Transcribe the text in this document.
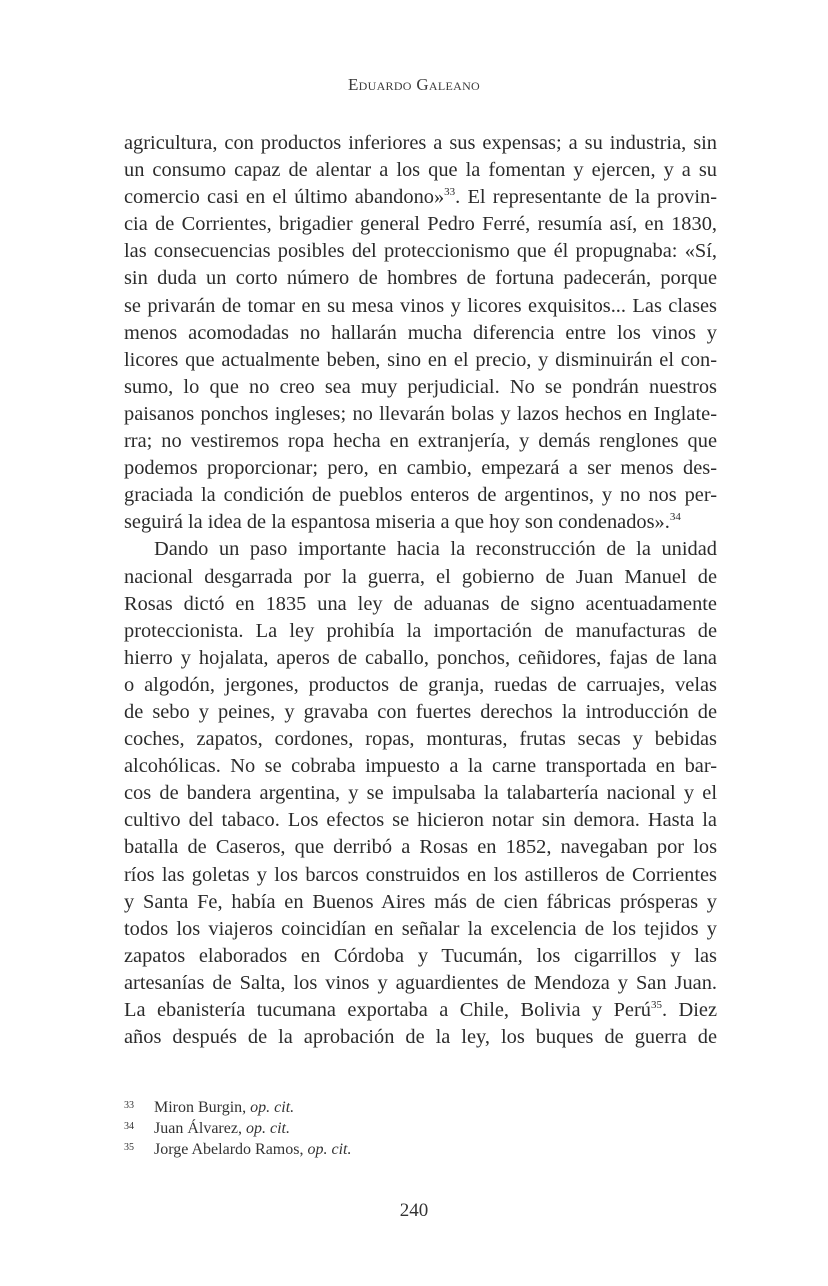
Eduardo Galeano
agricultura, con productos inferiores a sus expensas; a su industria, sin
un consumo capaz de alentar a los que la fomentan y ejercen, y a su
comercio casi en el último abandono»$^{33}$. El representante de la provin-
cia de Corrientes, brigadier general Pedro Ferré, resumía así, en 1830,
las consecuencias posibles del proteccionismo que él propugnaba: «Sí,
sin duda un corto número de hombres de fortuna padecerán, porque
se privarán de tomar en su mesa vinos y licores exquisitos... Las clases
menos acomodadas no hallarán mucha diferencia entre los vinos y
licores que actualmente beben, sino en el precio, y disminuirán el con-
sumo, lo que no creo sea muy perjudicial. No se pondrán nuestros
paisanos ponchos ingleses; no llevarán bolas y lazos hechos en Inglate-
rra; no vestiremos ropa hecha en extranjería, y demás renglones que
podemos proporcionar; pero, en cambio, empezará a ser menos des-
graciada la condición de pueblos enteros de argentinos, y no nos per-
seguirá la idea de la espantosa miseria a que hoy son condenados».$^{34}$
Dando un paso importante hacia la reconstrucción de la unidad
nacional desgarrada por la guerra, el gobierno de Juan Manuel de
Rosas dictó en 1835 una ley de aduanas de signo acentuadamente
proteccionista. La ley prohibía la importación de manufacturas de
hierro y hojalata, aperos de caballo, ponchos, ceñidores, fajas de lana
o algodón, jergones, productos de granja, ruedas de carruajes, velas
de sebo y peines, y gravaba con fuertes derechos la introducción de
coches, zapatos, cordones, ropas, monturas, frutas secas y bebidas
alcohólicas. No se cobraba impuesto a la carne transportada en bar-
cos de bandera argentina, y se impulsaba la talabartería nacional y el
cultivo del tabaco. Los efectos se hicieron notar sin demora. Hasta la
batalla de Caseros, que derribó a Rosas en 1852, navegaban por los
ríos las goletas y los barcos construidos en los astilleros de Corrientes
y Santa Fe, había en Buenos Aires más de cien fábricas prósperas y
todos los viajeros coincidían en señalar la excelencia de los tejidos y
zapatos elaborados en Córdoba y Tucumán, los cigarrillos y las
artesanías de Salta, los vinos y aguardientes de Mendoza y San Juan.
La ebanistería tucumana exportaba a Chile, Bolivia y Perú$^{35}$. Diez
años después de la aprobación de la ley, los buques de guerra de
33	Miron Burgin,
op. cit.
34	Juan Álvarez,
op. cit.
35	Jorge Abelardo Ramos,
op. cit.
240
